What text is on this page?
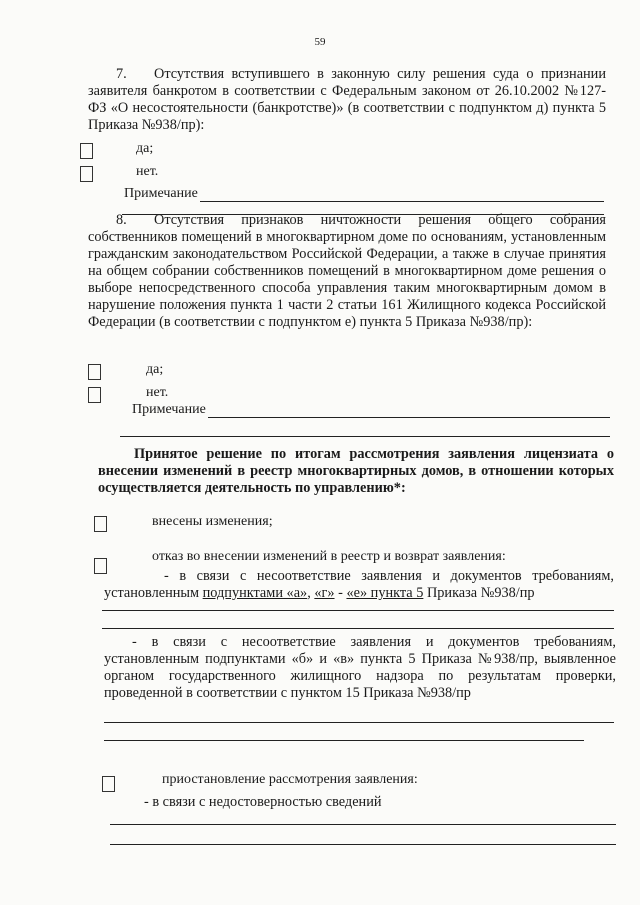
59
7. Отсутствия вступившего в законную силу решения суда о признании заявителя банкротом в соответствии с Федеральным законом от 26.10.2002 №127-ФЗ «О несостоятельности (банкротстве)» (в соответствии с подпунктом д) пункта 5 Приказа №938/пр):
да;
нет.
Примечание
8. Отсутствия признаков ничтожности решения общего собрания собственников помещений в многоквартирном доме по основаниям, установленным гражданским законодательством Российской Федерации, а также в случае принятия на общем собрании собственников помещений в многоквартирном доме решения о выборе непосредственного способа управления таким многоквартирным домом в нарушение положения пункта 1 части 2 статьи 161 Жилищного кодекса Российской Федерации (в соответствии с подпунктом е) пункта 5 Приказа №938/пр):
да;
нет.
Примечание
Принятое решение по итогам рассмотрения заявления лицензиата о внесении изменений в реестр многоквартирных домов, в отношении которых осуществляется деятельность по управлению*:
внесены изменения;
отказ во внесении изменений в реестр и возврат заявления:
- в связи с несоответствие заявления и документов требованиям,
установленным подпунктами «а», «г» - «е» пункта 5 Приказа №938/пр
- в связи с несоответствие заявления и документов требованиям, установленным подпунктами «б» и «в» пункта 5 Приказа №938/пр, выявленное органом государственного жилищного надзора по результатам проверки, проведенной в соответствии с пунктом 15 Приказа №938/пр
приостановление рассмотрения заявления:
- в связи с недостоверностью сведений
